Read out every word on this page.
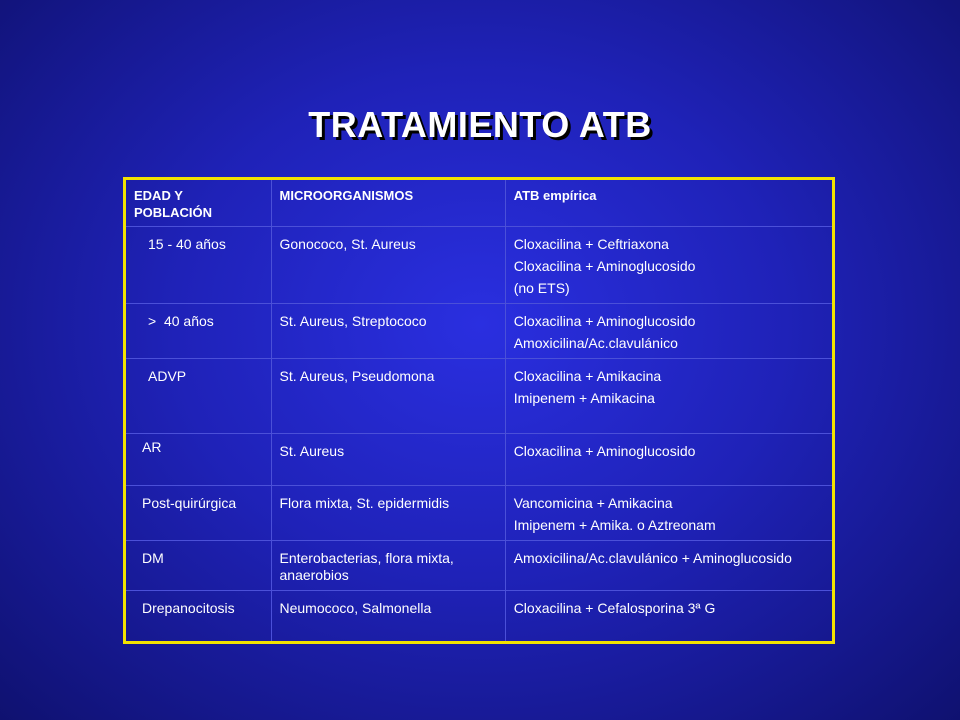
TRATAMIENTO ATB
EDAD Y POBLACIÓN	MICROORGANISMOS	ATB empírica
15 - 40 años	Gonococo, St. Aureus	Cloxacilina + Ceftriaxona
Cloxacilina + Aminoglucosido
(no ETS)

>  40 años	St. Aureus, Streptococo	Cloxacilina + Aminoglucosido
Amoxicilina/Ac.clavulánico

ADVP	St. Aureus, Pseudomona	Cloxacilina + Amikacina
Imipenem + Amikacina

AR	St. Aureus	Cloxacilina + Aminoglucosido

Post-quirúrgica	Flora mixta, St. epidermidis	Vancomicina + Amikacina
Imipenem + Amika. o Aztreonam

DM	Enterobacterias, flora mixta, anaerobios	Amoxicilina/Ac.clavulánico + Aminoglucosido
Drepanocitosis	Neumococo, Salmonella	Cloxacilina + Cefalosporina 3ª G
